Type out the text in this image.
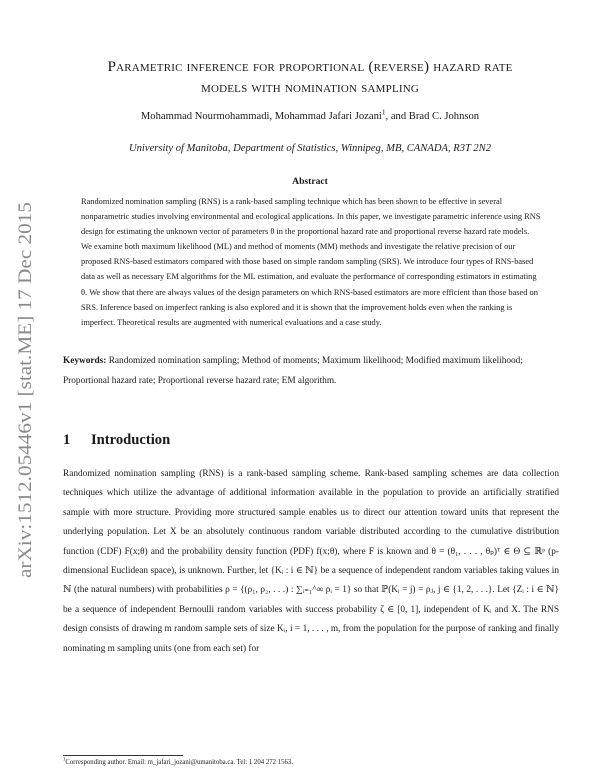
arXiv:1512.05446v1 [stat.ME] 17 Dec 2015
Parametric inference for proportional (reverse) hazard rate
models with nomination sampling
Mohammad Nourmohammadi, Mohammad Jafari Jozani$^1$, and Brad C. Johnson
University of Manitoba, Department of Statistics, Winnipeg, MB, CANADA, R3T 2N2
Abstract

Randomized nomination sampling (RNS) is a rank-based sampling technique which has been shown to be effective in several nonparametric studies involving environmental and ecological applications. In this paper, we investigate parametric inference using RNS design for estimating the unknown vector of parameters θ in the proportional hazard rate and proportional reverse hazard rate models. We examine both maximum likelihood (ML) and method of moments (MM) methods and investigate the relative precision of our proposed RNS-based estimators compared with those based on simple random sampling (SRS). We introduce four types of RNS-based data as well as necessary EM algorithms for the ML estimation, and evaluate the performance of corresponding estimators in estimating θ. We show that there are always values of the design parameters on which RNS-based estimators are more efficient than those based on SRS. Inference based on imperfect ranking is also explored and it is shown that the improvement holds even when the ranking is imperfect. Theoretical results are augmented with numerical evaluations and a case study.

Keywords: Randomized nomination sampling; Method of moments; Maximum likelihood; Modified maximum likelihood; Proportional hazard rate; Proportional reverse hazard rate; EM algorithm.

1 Introduction

Randomized nomination sampling (RNS) is a rank-based sampling scheme. Rank-based sampling schemes are data collection techniques which utilize the advantage of additional information available in the population to provide an artificially stratified sample with more structure. Providing more structured sample enables us to direct our attention toward units that represent the underlying population. Let X be an absolutely continuous random variable distributed according to the cumulative distribution function (CDF) F(x;θ) and the probability density function (PDF) f(x;θ), where F is known and θ = (θ₁, . . . , θₚ)ᵀ ∈ Θ ⊆ ℝᵖ (p-dimensional Euclidean space), is unknown. Further, let {Kᵢ : i ∈ ℕ} be a sequence of independent random variables taking values in ℕ (the natural numbers) with probabilities ρ = {(ρ₁, ρ₂, . . .) : ∑ᵢ₌₁^∞ ρᵢ = 1} so that ℙ(Kᵢ = j) = ρⱼ, j ∈ {1, 2, . . .}. Let {Zᵢ : i ∈ ℕ} be a sequence of independent Bernoulli random variables with success probability ζ ∈ [0, 1], independent of Kᵢ and X. The RNS design consists of drawing m random sample sets of size Kᵢ, i = 1, . . . , m, from the population for the purpose of ranking and finally nominating m sampling units (one from each set) for

$^1$Corresponding author. Email: m_jafari_jozani@umanitoba.ca. Tel: 1 204 272 1563.
